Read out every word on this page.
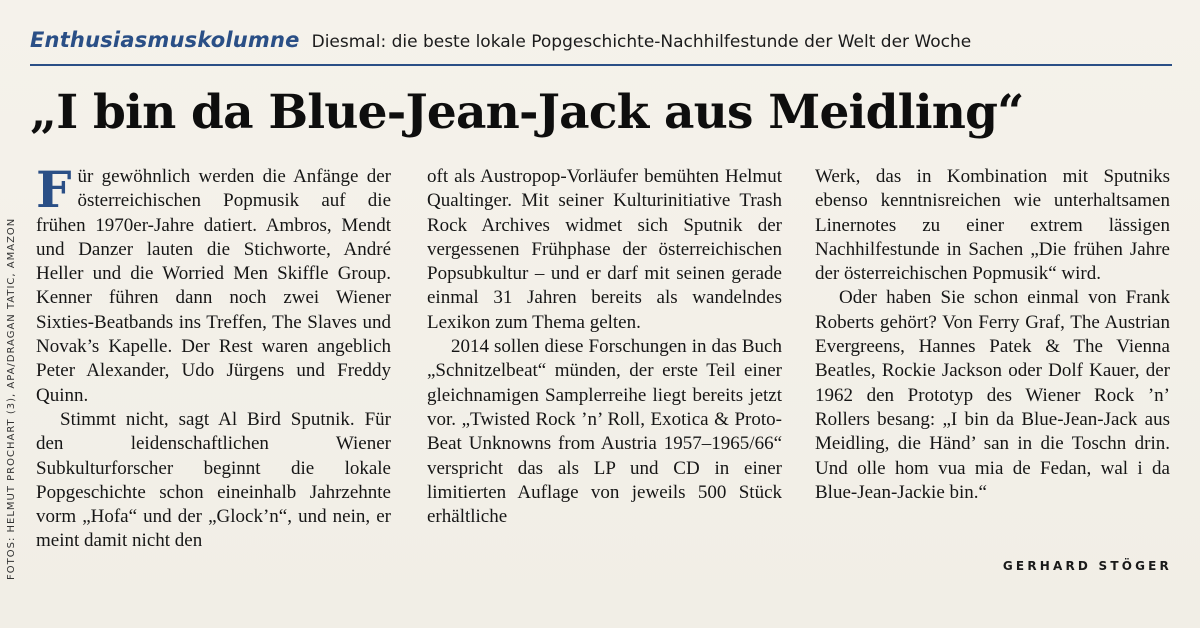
Enthusiasmuskolumne Diesmal: die beste lokale Popgeschichte-Nachhilfestunde der Welt der Woche
„I bin da Blue-Jean-Jack aus Meidling“
FOTOS: HELMUT PROCHART (3), APA/DRAGAN TATIC, AMAZON

Für gewöhnlich werden die Anfänge der österreichischen Popmusik auf die frühen 1970er-Jahre datiert. Ambros, Mendt und Danzer lauten die Stichworte, André Heller und die Worried Men Skiffle Group. Kenner führen dann noch zwei Wiener Sixties-Beatbands ins Treffen, The Slaves und Novak’s Kapelle. Der Rest waren angeblich Peter Alexander, Udo Jürgens und Freddy Quinn.

Stimmt nicht, sagt Al Bird Sputnik. Für den leidenschaftlichen Wiener Subkulturforscher beginnt die lokale Popgeschichte schon eineinhalb Jahrzehnte vorm „Hofa“ und der „Glock’n“, und nein, er meint damit nicht den

oft als Austropop-Vorläufer bemühten Helmut Qualtinger. Mit seiner Kulturinitiative Trash Rock Archives widmet sich Sputnik der vergessenen Frühphase der österreichischen Popsubkultur – und er darf mit seinen gerade einmal 31 Jahren bereits als wandelndes Lexikon zum Thema gelten.

2014 sollen diese Forschungen in das Buch „Schnitzelbeat“ münden, der erste Teil einer gleichnamigen Samplerreihe liegt bereits jetzt vor. „Twisted Rock ’n’ Roll, Exotica & Proto-Beat Unknowns from Austria 1957–1965/66“ verspricht das als LP und CD in einer limitierten Auflage von jeweils 500 Stück erhältliche

Werk, das in Kombination mit Sputniks ebenso kenntnisreichen wie unterhaltsamen Linernotes zu einer extrem lässigen Nachhilfestunde in Sachen „Die frühen Jahre der österreichischen Popmusik“ wird.

Oder haben Sie schon einmal von Frank Roberts gehört? Von Ferry Graf, The Austrian Evergreens, Hannes Patek & The Vienna Beatles, Rockie Jackson oder Dolf Kauer, der 1962 den Prototyp des Wiener Rock ’n’ Rollers besang: „I bin da Blue-Jean-Jack aus Meidling, die Händ’ san in die Toschn drin. Und olle hom vua mia de Fedan, wal i da Blue-Jean-Jackie bin.“

GERHARD STÖGER
